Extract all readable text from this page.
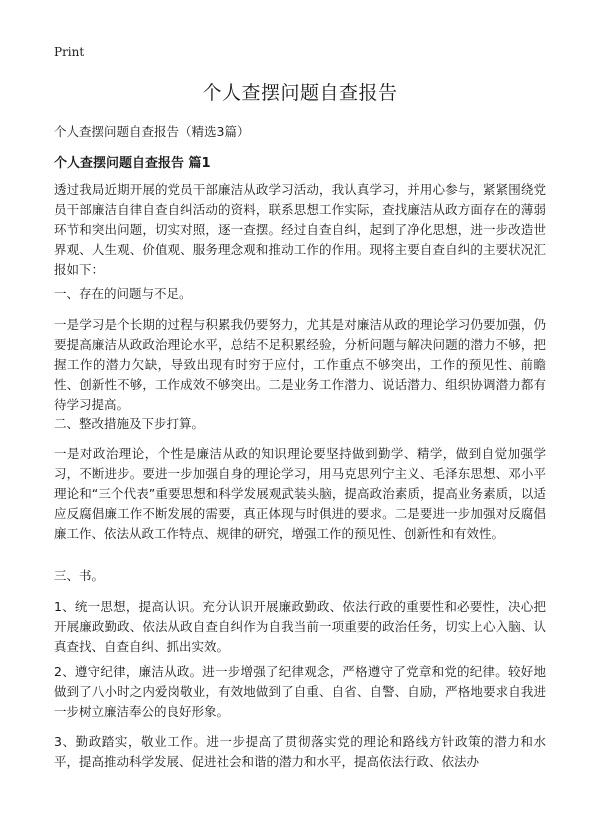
Print
个人查摆问题自查报告
个人查摆问题自查报告（精选3篇）
个人查摆问题自查报告 篇1

透过我局近期开展的党员干部廉洁从政学习活动，我认真学习，并用心参与，紧紧围绕党员干部廉洁自律自查自纠活动的资料，联系思想工作实际，查找廉洁从政方面存在的薄弱环节和突出问题，切实对照，逐一查摆。经过自查自纠，起到了净化思想，进一步改造世界观、人生观、价值观、服务理念观和推动工作的作用。现将主要自查自纠的主要状况汇报如下：

一、存在的问题与不足。

一是学习是个长期的过程与积累我仍要努力，尤其是对廉洁从政的理论学习仍要加强，仍要提高廉洁从政政治理论水平，总结不足积累经验，分析问题与解决问题的潜力不够，把握工作的潜力欠缺，导致出现有时穷于应付，工作重点不够突出，工作的预见性、前瞻性、创新性不够，工作成效不够突出。二是业务工作潜力、说话潜力、组织协调潜力都有待学习提高。

二、整改措施及下步打算。

一是对政治理论，个性是廉洁从政的知识理论要坚持做到勤学、精学，做到自觉加强学习，不断进步。要进一步加强自身的理论学习，用马克思列宁主义、毛泽东思想、邓小平理论和“三个代表”重要思想和科学发展观武装头脑，提高政治素质，提高业务素质，以适应反腐倡廉工作不断发展的需要，真正体现与时俱进的要求。二是要进一步加强对反腐倡廉工作、依法从政工作特点、规律的研究，增强工作的预见性、创新性和有效性。

三、书。

1、统一思想，提高认识。充分认识开展廉政勤政、依法行政的重要性和必要性，决心把开展廉政勤政、依法从政自查自纠作为自我当前一项重要的政治任务，切实上心入脑、认真查找、自查自纠、抓出实效。

2、遵守纪律，廉洁从政。进一步增强了纪律观念，严格遵守了党章和党的纪律。较好地做到了八小时之内爱岗敬业，有效地做到了自重、自省、自警、自励，严格地要求自我进一步树立廉洁奉公的良好形象。

3、勤政踏实，敬业工作。进一步提高了贯彻落实党的理论和路线方针政策的潜力和水平，提高推动科学发展、促进社会和谐的潜力和水平，提高依法行政、依法办
